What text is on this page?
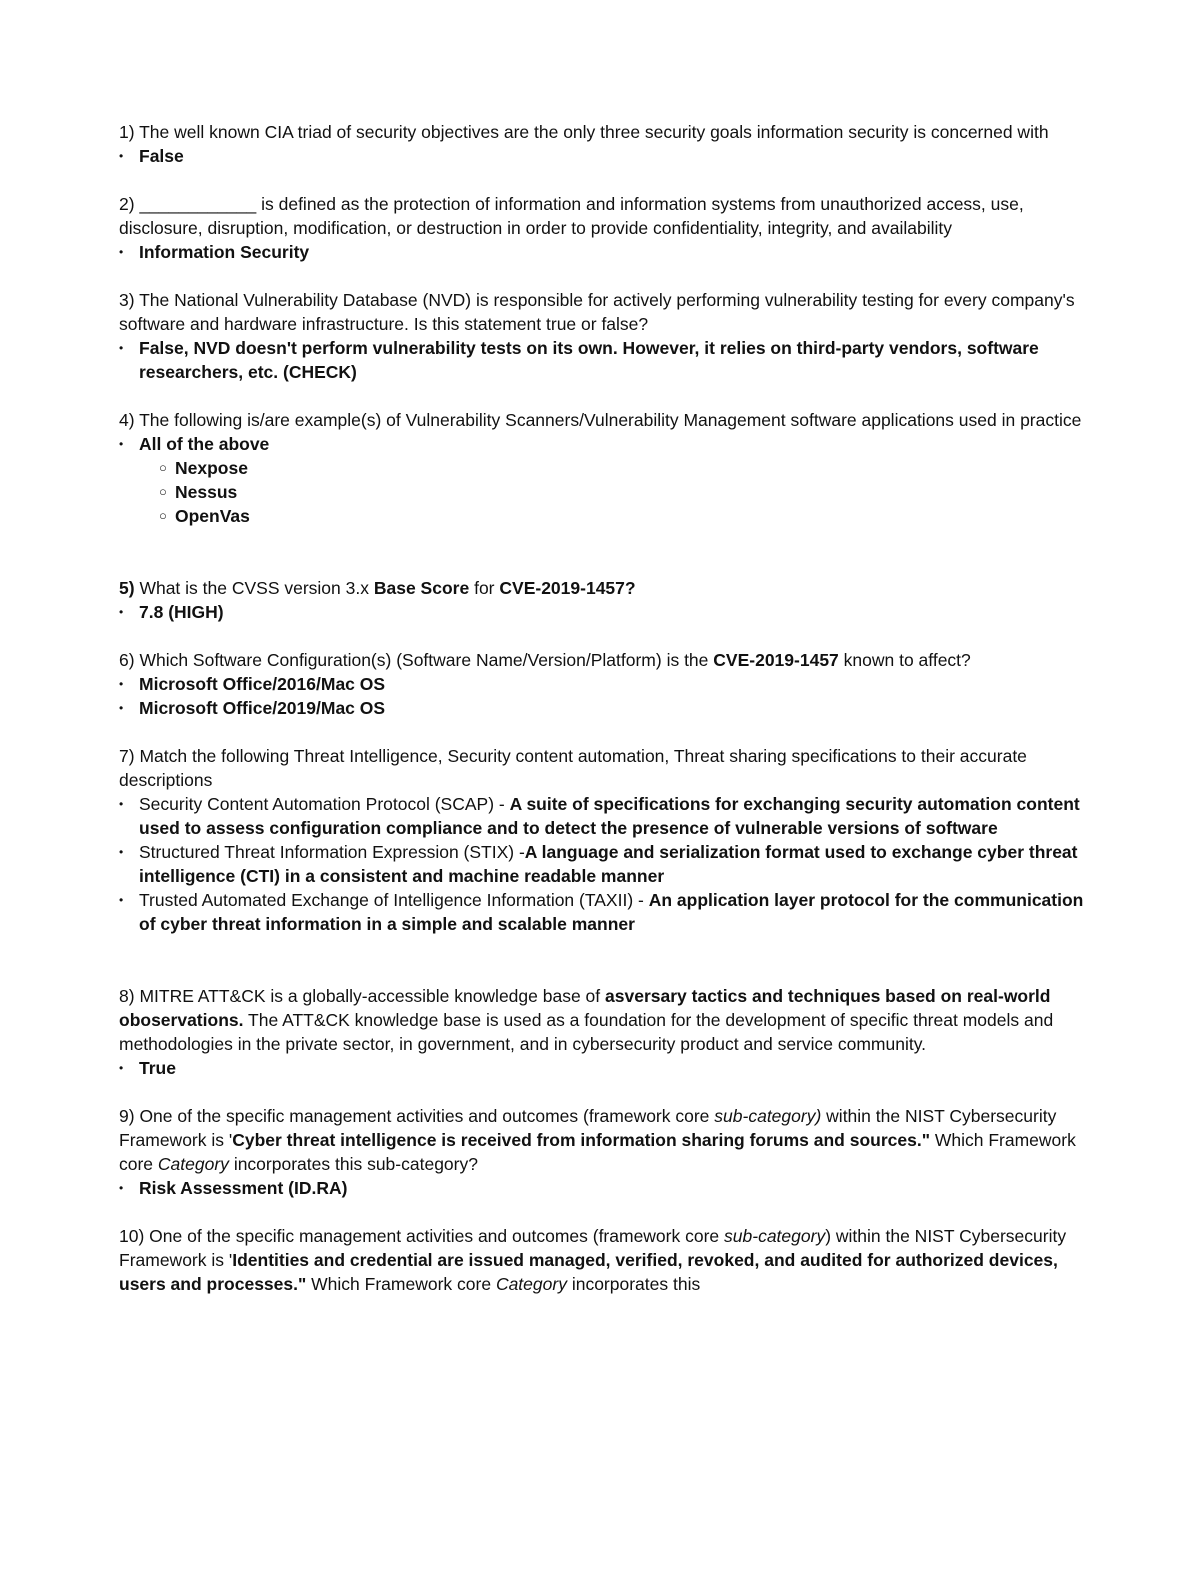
1) The well known CIA triad of security objectives are the only three security goals information security is concerned with

• False

2) ____________ is defined as the protection of information and information systems from unauthorized access, use, disclosure, disruption, modification, or destruction in order to provide confidentiality, integrity, and availability

• Information Security

3) The National Vulnerability Database (NVD) is responsible for actively performing vulnerability testing for every company's software and hardware infrastructure. Is this statement true or false?

• False, NVD doesn't perform vulnerability tests on its own. However, it relies on third-party vendors, software researchers, etc. (CHECK)

4) The following is/are example(s) of Vulnerability Scanners/Vulnerability Management software applications used in practice

• All of the above
○ Nexpose
○ Nessus
○ OpenVas

5) What is the CVSS version 3.x Base Score for CVE-2019-1457?

• 7.8 (HIGH)

6) Which Software Configuration(s) (Software Name/Version/Platform) is the CVE-2019-1457 known to affect?

• Microsoft Office/2016/Mac OS
• Microsoft Office/2019/Mac OS

7) Match the following Threat Intelligence, Security content automation, Threat sharing specifications to their accurate descriptions

• Security Content Automation Protocol (SCAP) - A suite of specifications for exchanging security automation content used to assess configuration compliance and to detect the presence of vulnerable versions of software
• Structured Threat Information Expression (STIX) -A language and serialization format used to exchange cyber threat intelligence (CTI) in a consistent and machine readable manner
• Trusted Automated Exchange of Intelligence Information (TAXII) - An application layer protocol for the communication of cyber threat information in a simple and scalable manner

8) MITRE ATT&CK is a globally-accessible knowledge base of asversary tactics and techniques based on real-world oboservations. The ATT&CK knowledge base is used as a foundation for the development of specific threat models and methodologies in the private sector, in government, and in cybersecurity product and service community.

• True

9) One of the specific management activities and outcomes (framework core sub-category) within the NIST Cybersecurity Framework is 'Cyber threat intelligence is received from information sharing forums and sources." Which Framework core Category incorporates this sub-category?

• Risk Assessment (ID.RA)

10) One of the specific management activities and outcomes (framework core sub-category) within the NIST Cybersecurity Framework is 'Identities and credential are issued managed, verified, revoked, and audited for authorized devices, users and processes." Which Framework core Category incorporates this
